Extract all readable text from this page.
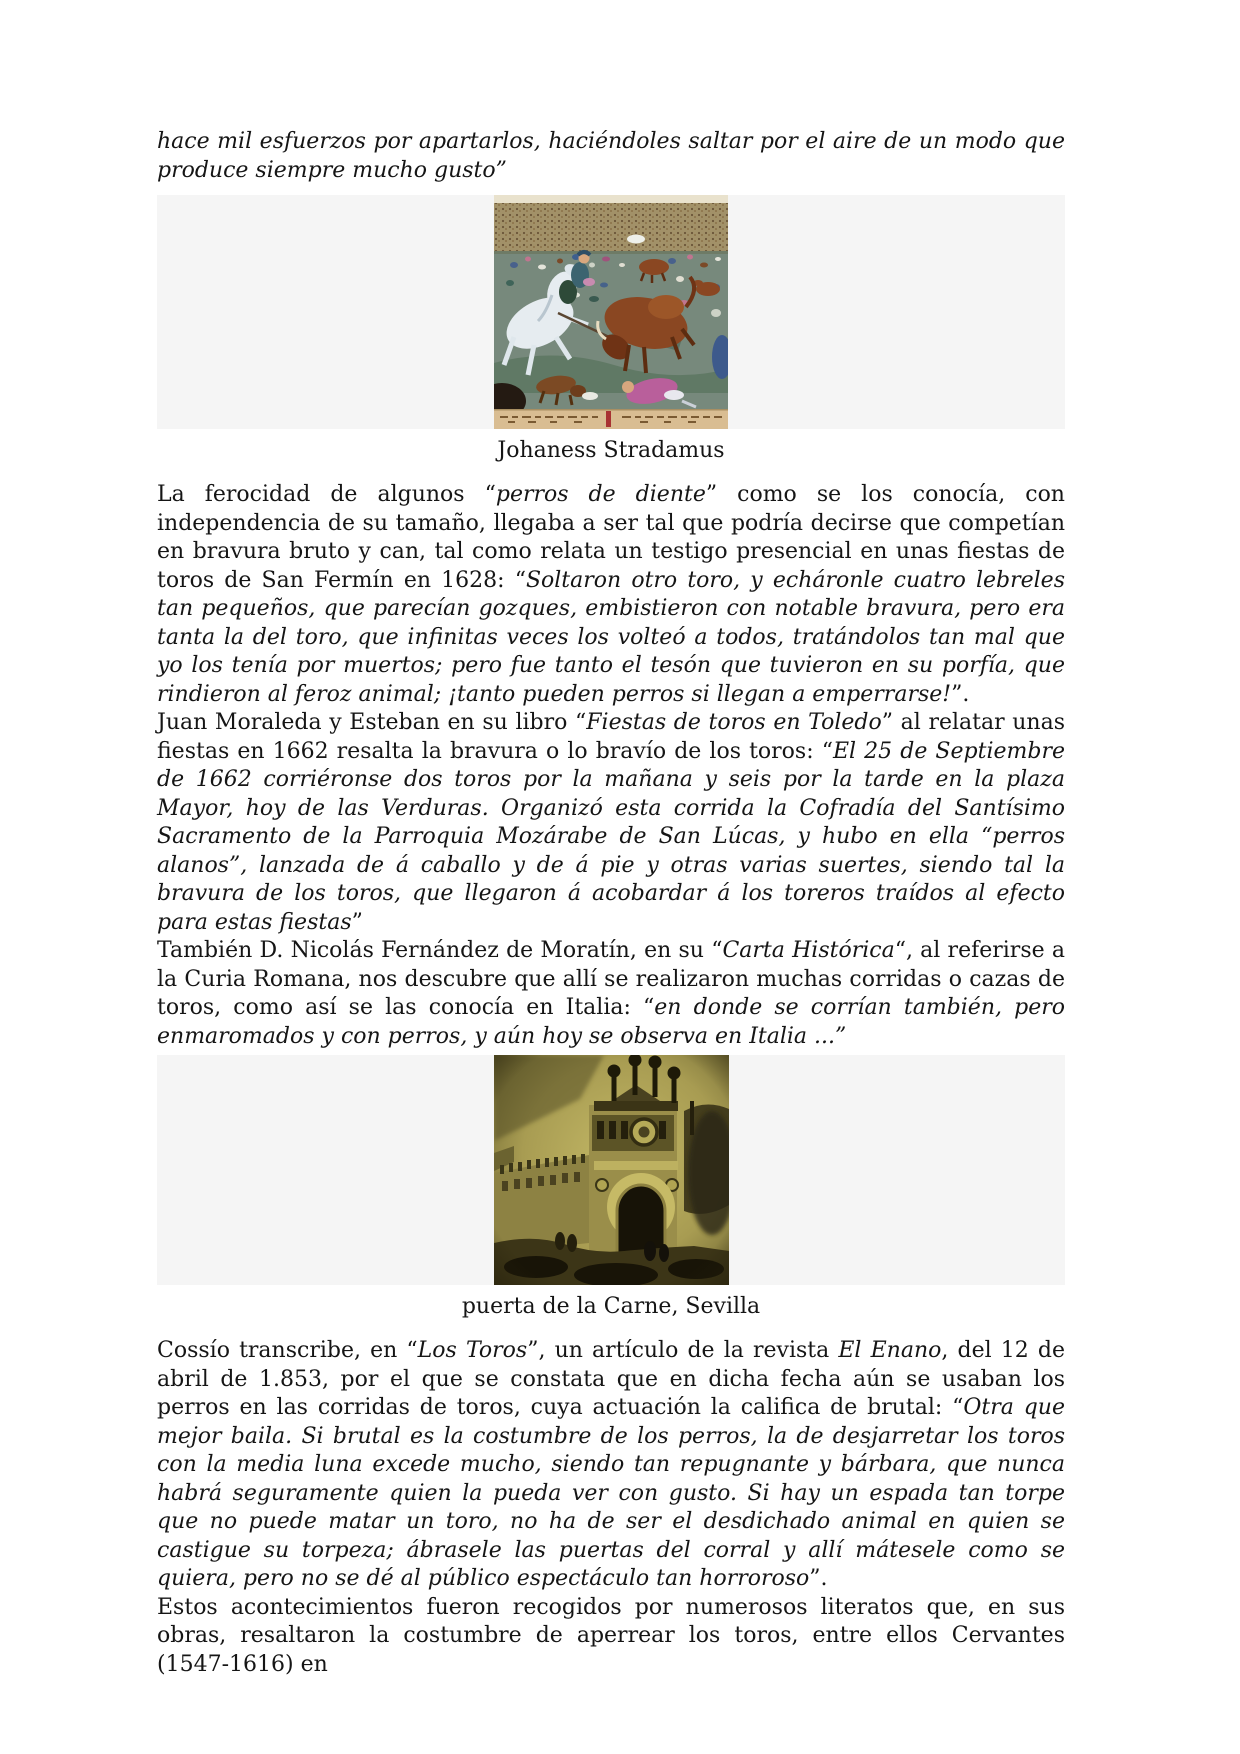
hace mil esfuerzos por apartarlos, haciéndoles saltar por el aire de un modo que produce siempre mucho gusto”

Johaness Stradamus

La ferocidad de algunos “perros de diente” como se los conocía, con independencia de su tamaño, llegaba a ser tal que podría decirse que competían en bravura bruto y can, tal como relata un testigo presencial en unas fiestas de toros de San Fermín en 1628: “Soltaron otro toro, y echáronle cuatro lebreles tan pequeños, que parecían gozques, embistieron con notable bravura, pero era tanta la del toro, que infinitas veces los volteó a todos, tratándolos tan mal que yo los tenía por muertos; pero fue tanto el tesón que tuvieron en su porfía, que rindieron al feroz animal; ¡tanto pueden perros si llegan a emperrarse!”.

Juan Moraleda y Esteban en su libro “Fiestas de toros en Toledo” al relatar unas fiestas en 1662 resalta la bravura o lo bravío de los toros: “El 25 de Septiembre de 1662 corriéronse dos toros por la mañana y seis por la tarde en la plaza Mayor, hoy de las Verduras. Organizó esta corrida la Cofradía del Santísimo Sacramento de la Parroquia Mozárabe de San Lúcas, y hubo en ella “perros alanos”, lanzada de á caballo y de á pie y otras varias suertes, siendo tal la bravura de los toros, que llegaron á acobardar á los toreros traídos al efecto para estas fiestas”

También D. Nicolás Fernández de Moratín, en su “Carta Histórica“, al referirse a la Curia Romana, nos descubre que allí se realizaron muchas corridas o cazas de toros, como así se las conocía en Italia: “en donde se corrían también, pero enmaromados y con perros, y aún hoy se observa en Italia ...”

puerta de la Carne, Sevilla

Cossío transcribe, en “Los Toros”, un artículo de la revista El Enano, del 12 de abril de 1.853, por el que se constata que en dicha fecha aún se usaban los perros en las corridas de toros, cuya actuación la califica de brutal: “Otra que mejor baila. Si brutal es la costumbre de los perros, la de desjarretar los toros con la media luna excede mucho, siendo tan repugnante y bárbara, que nunca habrá seguramente quien la pueda ver con gusto. Si hay un espada tan torpe que no puede matar un toro, no ha de ser el desdichado animal en quien se castigue su torpeza; ábrasele las puertas del corral y allí mátesele como se quiera, pero no se dé al público espectáculo tan horroroso”.

Estos acontecimientos fueron recogidos por numerosos literatos que, en sus obras, resaltaron la costumbre de aperrear los toros, entre ellos Cervantes (1547-1616) en
